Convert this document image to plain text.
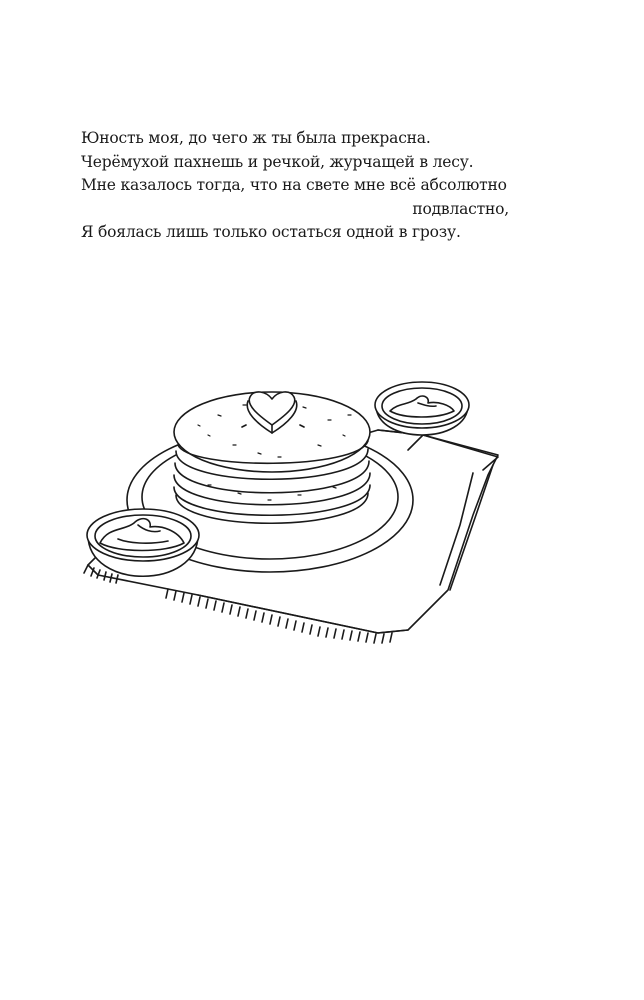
Юность моя, до чего ж ты была прекрасна.
Черёмухой пахнешь и речкой, журчащей в лесу.
Мне казалось тогда, что на свете мне всё абсолютно
подвластно,
Я боялась лишь только остаться одной в грозу.
